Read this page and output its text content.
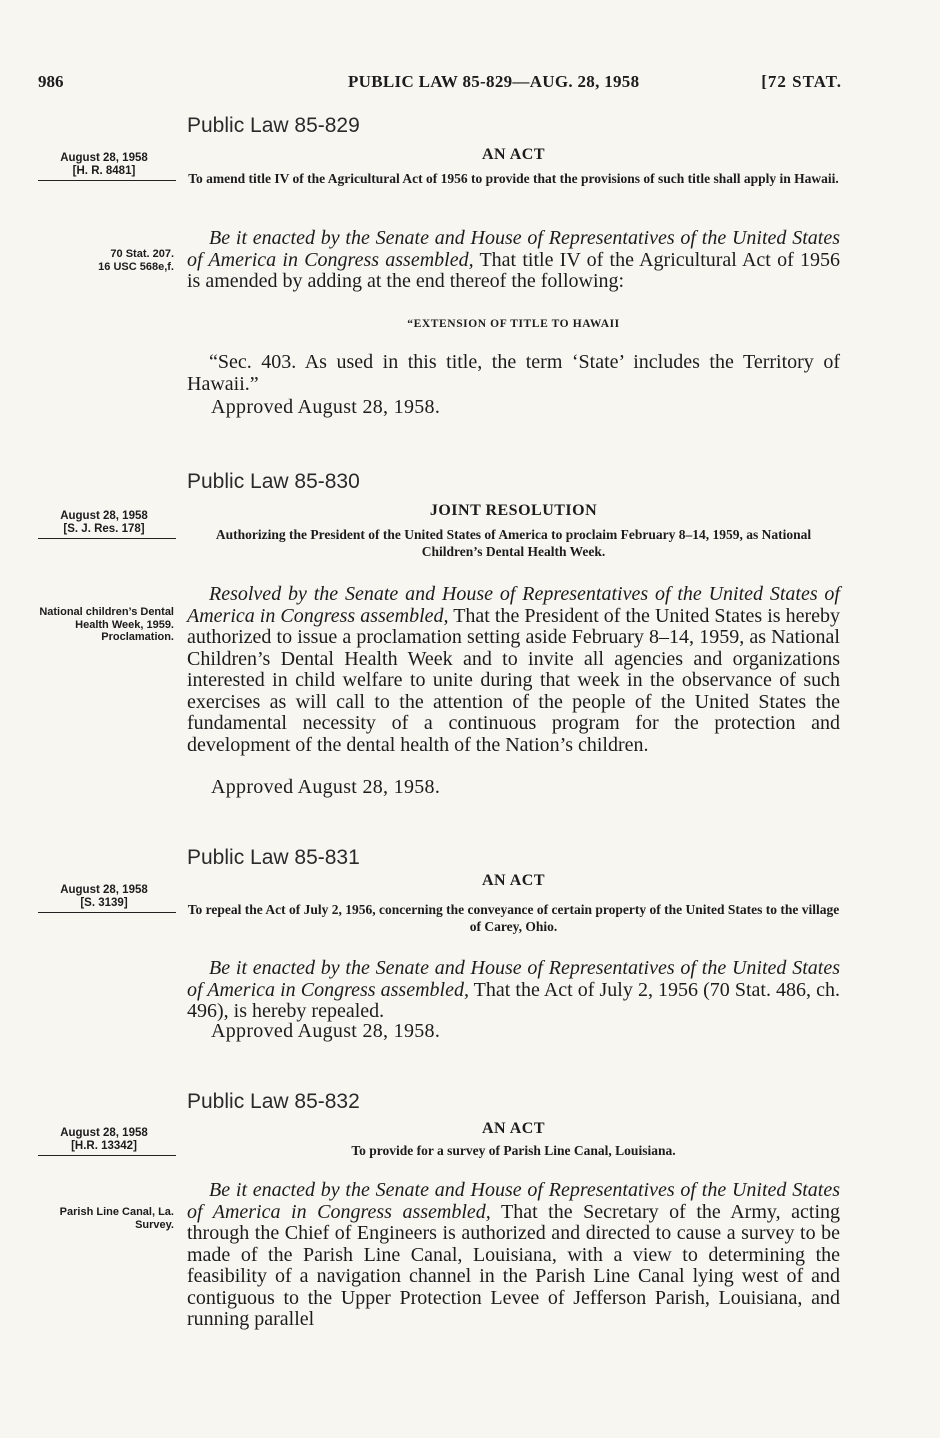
986	PUBLIC LAW 85-829—AUG. 28, 1958	[72 STAT.
Public Law 85-829
AN ACT
August 28, 1958
[H. R. 8481]	To amend title IV of the Agricultural Act of 1956 to provide that the provisions of such title shall apply in Hawaii.
70 Stat. 207.
16 USC 568e,f.
Be it enacted by the Senate and House of Representatives of the United States of America in Congress assembled, That title IV of the Agricultural Act of 1956 is amended by adding at the end thereof the following:
“EXTENSION OF TITLE TO HAWAII
“Sec. 403. As used in this title, the term ‘State’ includes the Territory of Hawaii.”
Approved August 28, 1958.
Public Law 85-830
JOINT RESOLUTION
August 28, 1958
[S. J. Res. 178]	Authorizing the President of the United States of America to proclaim February 8–14, 1959, as National Children’s Dental Health Week.
National children’s Dental Health Week, 1959. Proclamation.
Resolved by the Senate and House of Representatives of the United States of America in Congress assembled, That the President of the United States is hereby authorized to issue a proclamation setting aside February 8–14, 1959, as National Children’s Dental Health Week and to invite all agencies and organizations interested in child welfare to unite during that week in the observance of such exercises as will call to the attention of the people of the United States the fundamental necessity of a continuous program for the protection and development of the dental health of the Nation’s children.
Approved August 28, 1958.
Public Law 85-831
AN ACT
August 28, 1958
[S. 3139]	To repeal the Act of July 2, 1956, concerning the conveyance of certain property of the United States to the village of Carey, Ohio.
Be it enacted by the Senate and House of Representatives of the United States of America in Congress assembled, That the Act of July 2, 1956 (70 Stat. 486, ch. 496), is hereby repealed.
Approved August 28, 1958.
Public Law 85-832
AN ACT
August 28, 1958
[H.R. 13342]	To provide for a survey of Parish Line Canal, Louisiana.
Parish Line Canal, La. Survey.
Be it enacted by the Senate and House of Representatives of the United States of America in Congress assembled, That the Secretary of the Army, acting through the Chief of Engineers is authorized and directed to cause a survey to be made of the Parish Line Canal, Louisiana, with a view to determining the feasibility of a navigation channel in the Parish Line Canal lying west of and contiguous to the Upper Protection Levee of Jefferson Parish, Louisiana, and running parallel
